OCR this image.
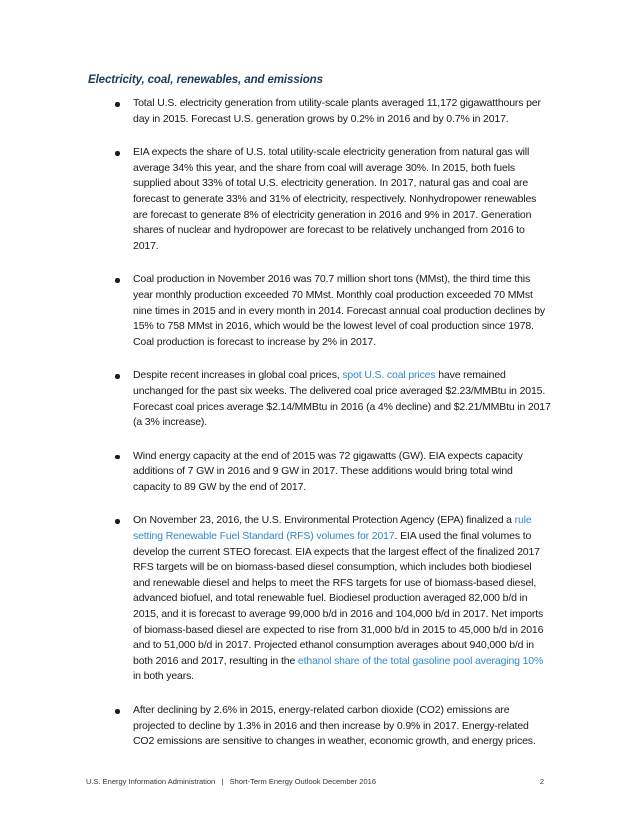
Electricity, coal, renewables, and emissions
Total U.S. electricity generation from utility-scale plants averaged 11,172 gigawatthours per day in 2015. Forecast U.S. generation grows by 0.2% in 2016 and by 0.7% in 2017.
EIA expects the share of U.S. total utility-scale electricity generation from natural gas will average 34% this year, and the share from coal will average 30%. In 2015, both fuels supplied about 33% of total U.S. electricity generation. In 2017, natural gas and coal are forecast to generate 33% and 31% of electricity, respectively. Nonhydropower renewables are forecast to generate 8% of electricity generation in 2016 and 9% in 2017. Generation shares of nuclear and hydropower are forecast to be relatively unchanged from 2016 to 2017.
Coal production in November 2016 was 70.7 million short tons (MMst), the third time this year monthly production exceeded 70 MMst. Monthly coal production exceeded 70 MMst nine times in 2015 and in every month in 2014. Forecast annual coal production declines by 15% to 758 MMst in 2016, which would be the lowest level of coal production since 1978. Coal production is forecast to increase by 2% in 2017.
Despite recent increases in global coal prices, spot U.S. coal prices have remained unchanged for the past six weeks. The delivered coal price averaged $2.23/MMBtu in 2015. Forecast coal prices average $2.14/MMBtu in 2016 (a 4% decline) and $2.21/MMBtu in 2017 (a 3% increase).
Wind energy capacity at the end of 2015 was 72 gigawatts (GW). EIA expects capacity additions of 7 GW in 2016 and 9 GW in 2017. These additions would bring total wind capacity to 89 GW by the end of 2017.
On November 23, 2016, the U.S. Environmental Protection Agency (EPA) finalized a rule setting Renewable Fuel Standard (RFS) volumes for 2017. EIA used the final volumes to develop the current STEO forecast. EIA expects that the largest effect of the finalized 2017 RFS targets will be on biomass-based diesel consumption, which includes both biodiesel and renewable diesel and helps to meet the RFS targets for use of biomass-based diesel, advanced biofuel, and total renewable fuel. Biodiesel production averaged 82,000 b/d in 2015, and it is forecast to average 99,000 b/d in 2016 and 104,000 b/d in 2017. Net imports of biomass-based diesel are expected to rise from 31,000 b/d in 2015 to 45,000 b/d in 2016 and to 51,000 b/d in 2017. Projected ethanol consumption averages about 940,000 b/d in both 2016 and 2017, resulting in the ethanol share of the total gasoline pool averaging 10% in both years.
After declining by 2.6% in 2015, energy-related carbon dioxide (CO2) emissions are projected to decline by 1.3% in 2016 and then increase by 0.9% in 2017. Energy-related CO2 emissions are sensitive to changes in weather, economic growth, and energy prices.
U.S. Energy Information Administration   |   Short-Term Energy Outlook December 2016	2
